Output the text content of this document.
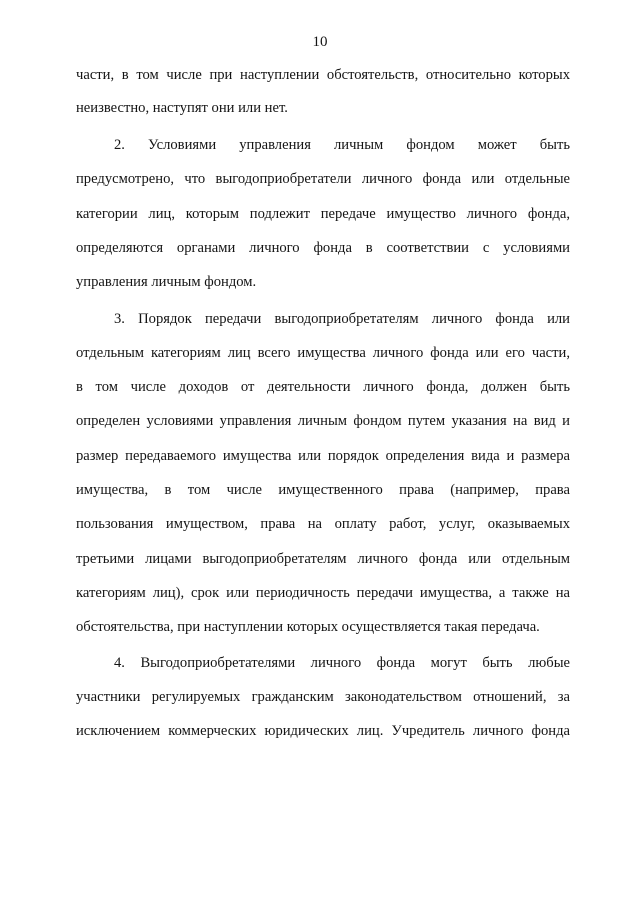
10
части, в том числе при наступлении обстоятельств, относительно которых
неизвестно, наступят они или нет.
2. Условиями управления личным фондом может быть
предусмотрено, что выгодоприобретатели личного фонда или отдельные
категории лиц, которым подлежит передаче имущество личного фонда,
определяются органами личного фонда в соответствии с условиями
управления личным фондом.
3. Порядок передачи выгодоприобретателям личного фонда или
отдельным категориям лиц всего имущества личного фонда или его части,
в том числе доходов от деятельности личного фонда, должен быть
определен условиями управления личным фондом путем указания на вид и
размер передаваемого имущества или порядок определения вида и размера
имущества, в том числе имущественного права (например, права
пользования имуществом, права на оплату работ, услуг, оказываемых
третьими лицами выгодоприобретателям личного фонда или отдельным
категориям лиц), срок или периодичность передачи имущества, а также на
обстоятельства, при наступлении которых осуществляется такая передача.
4. Выгодоприобретателями личного фонда могут быть любые
участники регулируемых гражданским законодательством отношений, за
исключением коммерческих юридических лиц. Учредитель личного фонда
